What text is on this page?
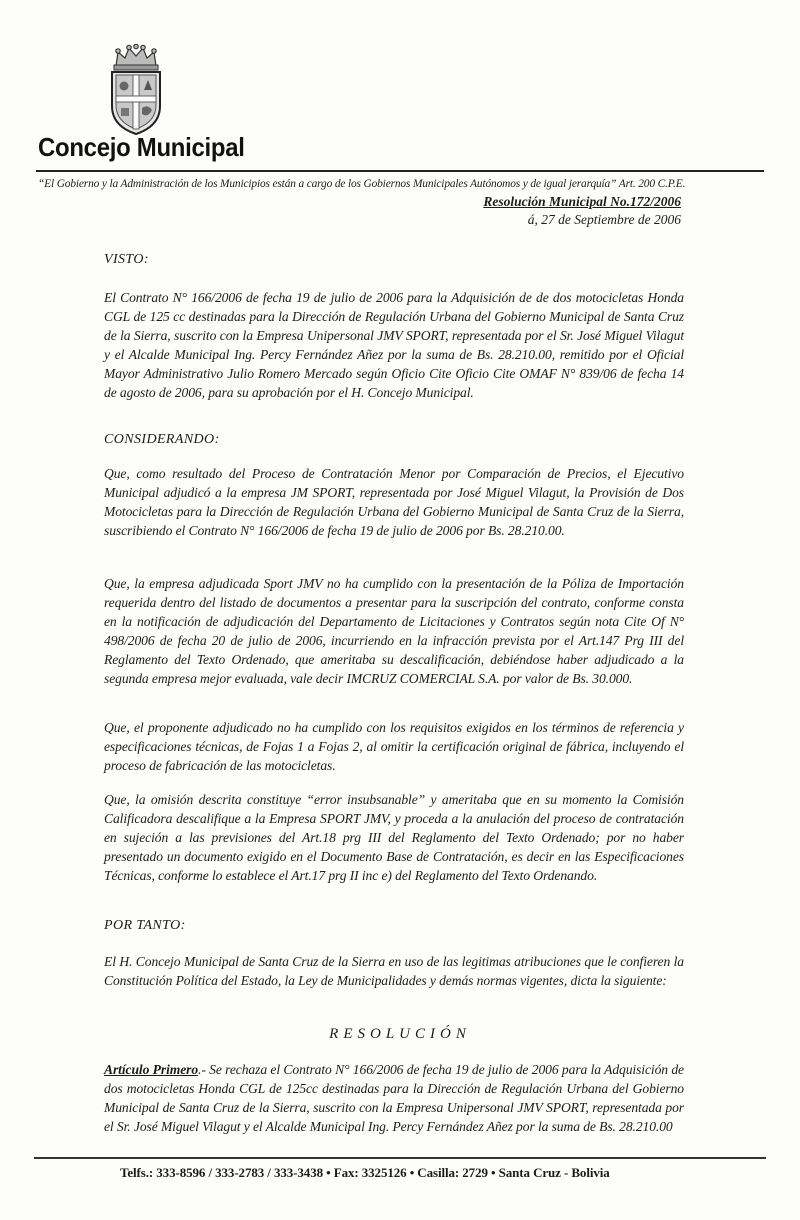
Concejo Municipal
“El Gobierno y la Administración de los Municipios están a cargo de los Gobiernos Municipales Autónomos y de igual jerarquía” Art. 200 C.P.E.
Resolución Municipal No.172/2006
á, 27 de Septiembre de 2006
VISTO:
El Contrato N° 166/2006 de fecha 19 de julio de 2006 para la Adquisición de de dos motocicletas Honda CGL de 125 cc destinadas para la Dirección de Regulación Urbana del Gobierno Municipal de Santa Cruz de la Sierra, suscrito con la Empresa Unipersonal JMV SPORT, representada por el Sr. José Miguel Vilagut y el Alcalde Municipal Ing. Percy Fernández Añez por la suma de Bs. 28.210.00, remitido por el Oficial Mayor Administrativo Julio Romero Mercado según Oficio Cite Oficio Cite OMAF N° 839/06 de fecha 14 de agosto de 2006, para su aprobación por el H. Concejo Municipal.
CONSIDERANDO:
Que, como resultado del Proceso de Contratación Menor por Comparación de Precios, el Ejecutivo Municipal adjudicó a la empresa JM SPORT, representada por José Miguel Vilagut, la Provisión de Dos Motocicletas para la Dirección de Regulación Urbana del Gobierno Municipal de Santa Cruz de la Sierra, suscribiendo el Contrato N° 166/2006 de fecha 19 de julio de 2006 por Bs. 28.210.00.
Que, la empresa adjudicada Sport JMV no ha cumplido con la presentación de la Póliza de Importación requerida dentro del listado de documentos a presentar para la suscripción del contrato, conforme consta en la notificación de adjudicación del Departamento de Licitaciones y Contratos según nota Cite Of N° 498/2006 de fecha 20 de julio de 2006, incurriendo en la infracción prevista por el Art.147 Prg III del Reglamento del Texto Ordenado, que ameritaba su descalificación, debiéndose haber adjudicado a la segunda empresa mejor evaluada, vale decir IMCRUZ COMERCIAL S.A. por valor de Bs. 30.000.
Que, el proponente adjudicado no ha cumplido con los requisitos exigidos en los términos de referencia y especificaciones técnicas, de Fojas 1 a Fojas 2, al omitir la certificación original de fábrica, incluyendo el proceso de fabricación de las motocicletas.
Que, la omisión descrita constituye “error insubsanable” y ameritaba que en su momento la Comisión Calificadora descalifique a la Empresa SPORT JMV, y proceda a la anulación del proceso de contratación en sujeción a las previsiones del Art.18 prg III del Reglamento del Texto Ordenado; por no haber presentado un documento exigido en el Documento Base de Contratación, es decir en las Especificaciones Técnicas, conforme lo establece el Art.17 prg II inc e) del Reglamento del Texto Ordenando.
POR TANTO:
El H. Concejo Municipal de Santa Cruz de la Sierra en uso de las legitimas atribuciones que le confieren la Constitución Política del Estado, la Ley de Municipalidades y demás normas vigentes, dicta la siguiente:
RESOLUCIÓN
Artículo Primero.- Se rechaza el Contrato N° 166/2006 de fecha 19 de julio de 2006 para la Adquisición de dos motocicletas Honda CGL de 125cc destinadas para la Dirección de Regulación Urbana del Gobierno Municipal de Santa Cruz de la Sierra, suscrito con la Empresa Unipersonal JMV SPORT, representada por el Sr. José Miguel Vilagut y el Alcalde Municipal Ing. Percy Fernández Añez por la suma de Bs. 28.210.00
Telfs.: 333-8596 / 333-2783 / 333-3438 • Fax: 3325126 • Casilla: 2729 • Santa Cruz - Bolivia
